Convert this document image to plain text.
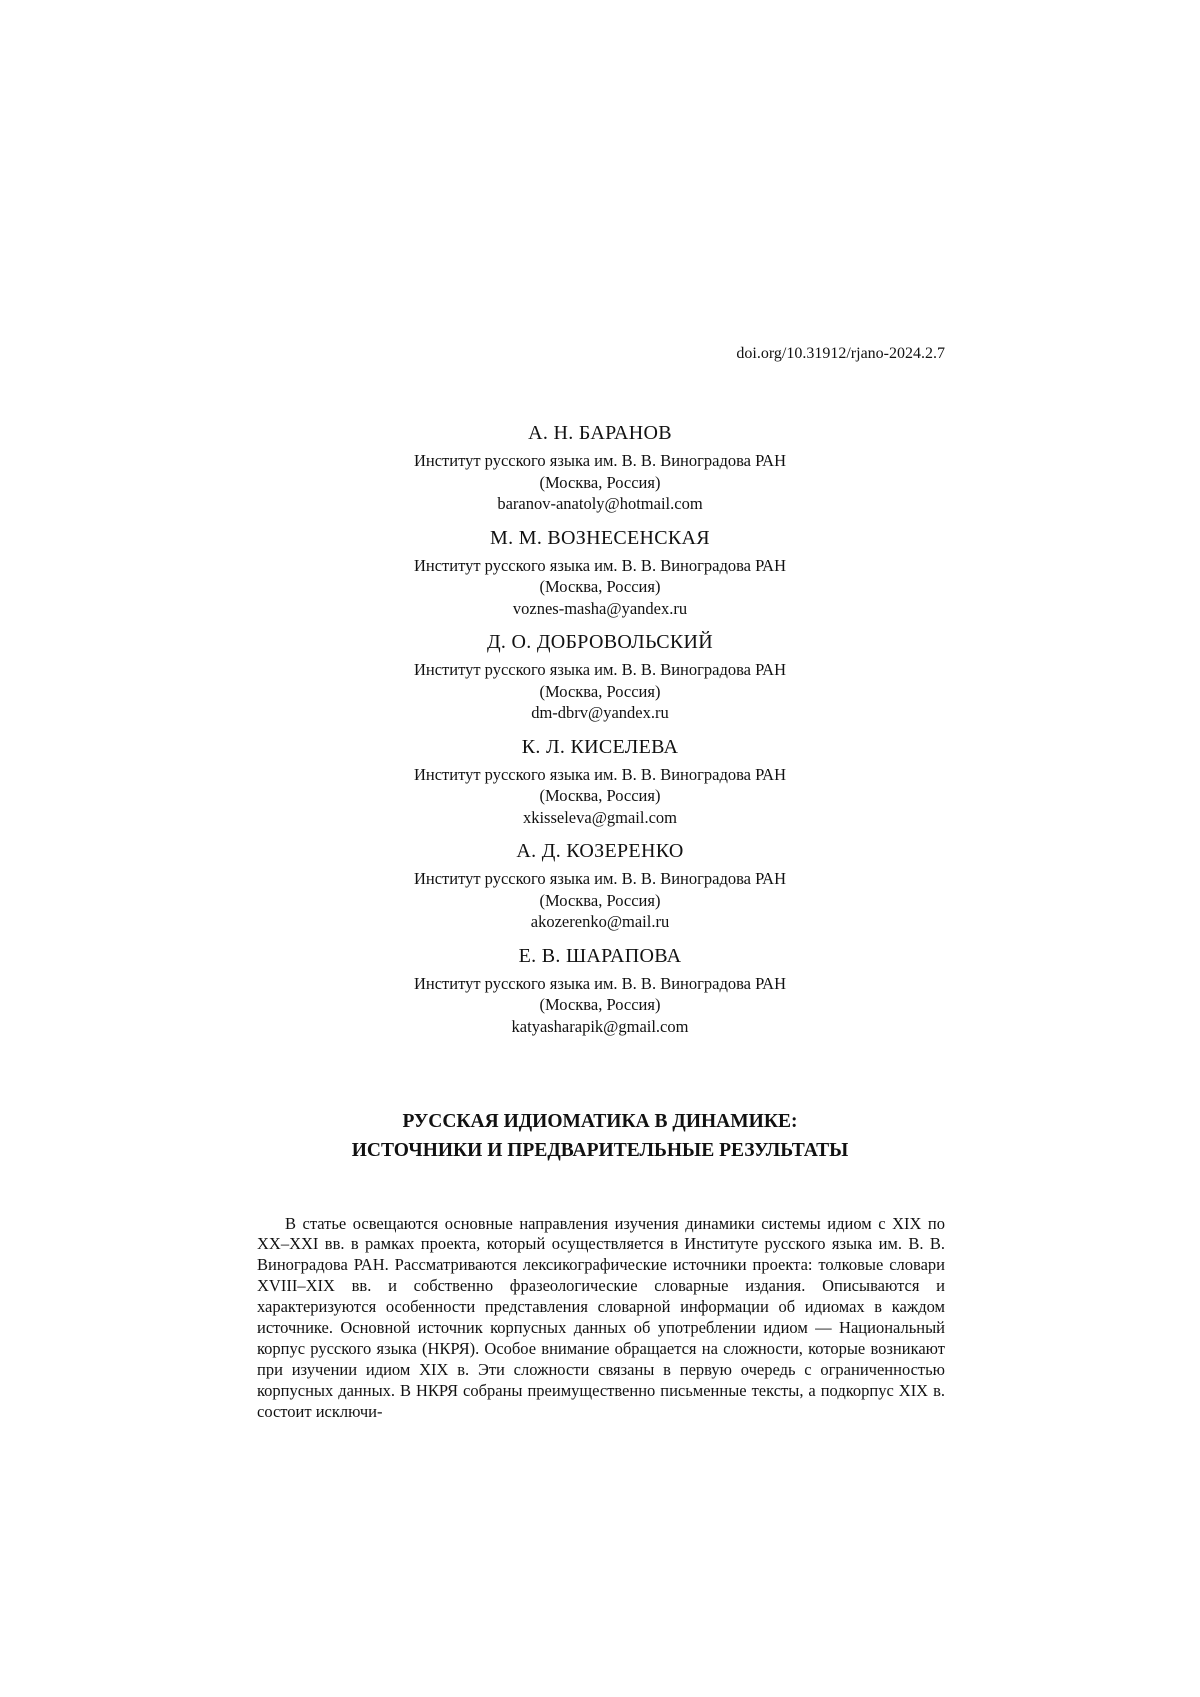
doi.org/10.31912/rjano-2024.2.7
А. Н. БАРАНОВ
Институт русского языка им. В. В. Виноградова РАН
(Москва, Россия)
baranov-anatoly@hotmail.com
М. М. ВОЗНЕСЕНСКАЯ
Институт русского языка им. В. В. Виноградова РАН
(Москва, Россия)
voznes-masha@yandex.ru
Д. О. ДОБРОВОЛЬСКИЙ
Институт русского языка им. В. В. Виноградова РАН
(Москва, Россия)
dm-dbrv@yandex.ru
К. Л. КИСЕЛЕВА
Институт русского языка им. В. В. Виноградова РАН
(Москва, Россия)
xkisseleva@gmail.com
А. Д. КОЗЕРЕНКО
Институт русского языка им. В. В. Виноградова РАН
(Москва, Россия)
akozerenko@mail.ru
Е. В. ШАРАПОВА
Институт русского языка им. В. В. Виноградова РАН
(Москва, Россия)
katyasharapik@gmail.com
РУССКАЯ ИДИОМАТИКА В ДИНАМИКЕ:
ИСТОЧНИКИ И ПРЕДВАРИТЕЛЬНЫЕ РЕЗУЛЬТАТЫ

В статье освещаются основные направления изучения динамики системы идиом с XIX по XX–XXI вв. в рамках проекта, который осуществляется в Институте русского языка им. В. В. Виноградова РАН. Рассматриваются лексикографические источники проекта: толковые словари XVIII–XIX вв. и собственно фразеологические словарные издания. Описываются и характеризуются особенности представления словарной информации об идиомах в каждом источнике. Основной источник корпусных данных об употреблении идиом — Национальный корпус русского языка (НКРЯ). Особое внимание обращается на сложности, которые возникают при изучении идиом XIX в. Эти сложности связаны в первую очередь с ограниченностью корпусных данных. В НКРЯ собраны преимущественно письменные тексты, а подкорпус XIX в. состоит исключи-
